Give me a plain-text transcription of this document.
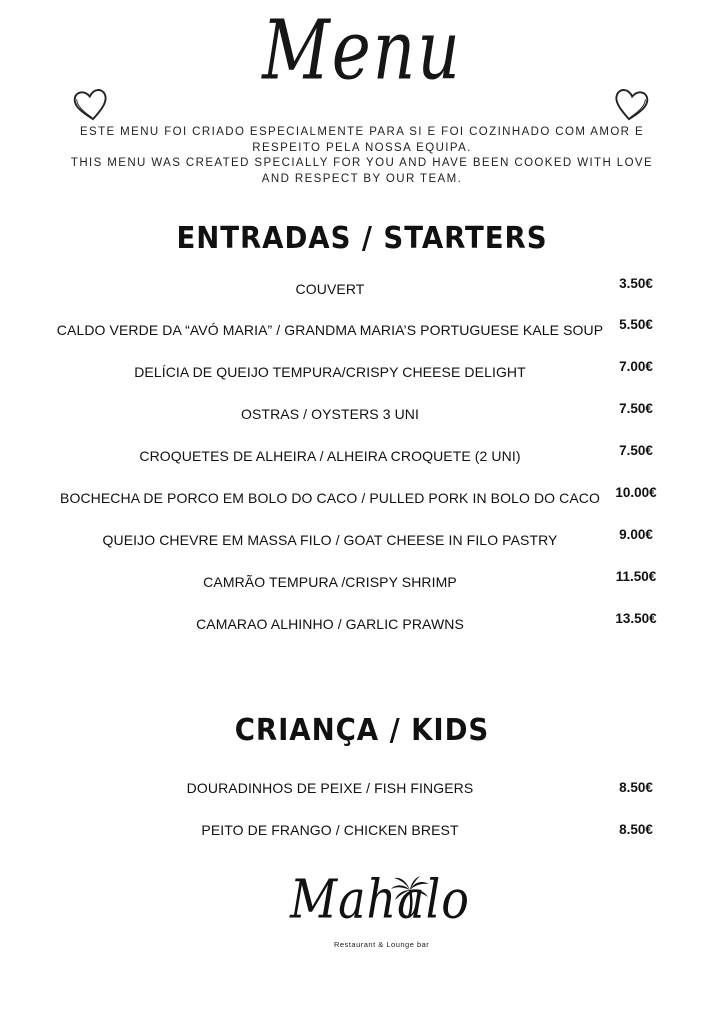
Menu

ESTE MENU FOI CRIADO ESPECIALMENTE PARA SI E FOI COZINHADO COM AMOR E

RESPEITO PELA NOSSA EQUIPA.

THIS MENU WAS CREATED SPECIALLY FOR YOU AND HAVE BEEN COOKED WITH LOVE

AND RESPECT BY OUR TEAM.

ENTRADAS / STARTERS
COUVERT	3.50€
CALDO VERDE DA “AVÓ MARIA” / GRANDMA MARIA’S PORTUGUESE KALE SOUP	5.50€
DELÍCIA DE QUEIJO TEMPURA/CRISPY CHEESE DELIGHT	7.00€
OSTRAS / OYSTERS 3 UNI	7.50€
CROQUETES DE ALHEIRA / ALHEIRA CROQUETE (2 UNI)	7.50€
BOCHECHA DE PORCO EM BOLO DO CACO / PULLED PORK IN BOLO DO CACO	10.00€
QUEIJO CHEVRE EM MASSA FILO / GOAT CHEESE IN FILO PASTRY	9.00€
CAMRÃO TEMPURA /CRISPY SHRIMP	11.50€
CAMARAO ALHINHO / GARLIC PRAWNS	13.50€
CRIANÇA / KIDS
DOURADINHOS DE PEIXE / FISH FINGERS	8.50€
PEITO DE FRANGO / CHICKEN BREST	8.50€
Mahalo
Restaurant & Lounge bar
